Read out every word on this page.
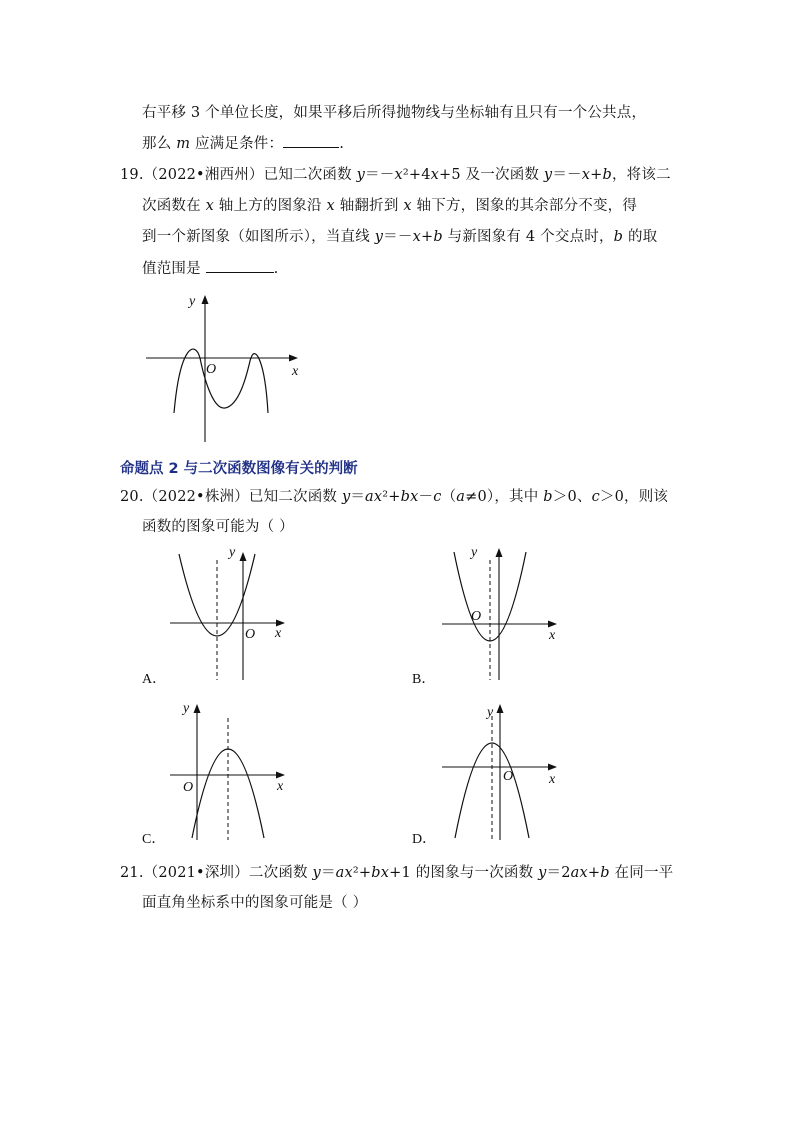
右平移 3 个单位长度，如果平移后所得抛物线与坐标轴有且只有一个公共点，
那么 m 应满足条件：	.
19.（2022•湘西州）已知二次函数 y＝－x²+4x+5 及一次函数 y＝－x+b，将该二
次函数在 x 轴上方的图象沿 x 轴翻折到 x 轴下方，图象的其余部分不变，得
到一个新图象（如图所示），当直线 y＝－x+b 与新图象有 4 个交点时，b 的取
值范围是	.
y
x
O
命题点 2 与二次函数图像有关的判断
20.（2022•株洲）已知二次函数 y＝ax²+bx－c（a≠0），其中 b＞0、c＞0，则该
函数的图象可能为（ ）
y
x
O
A．
y
x
O
B．
y
x
O
C．
y
x
O
D．
21.（2021•深圳）二次函数 y＝ax²+bx+1 的图象与一次函数 y＝2ax+b 在同一平
面直角坐标系中的图象可能是（ ）
